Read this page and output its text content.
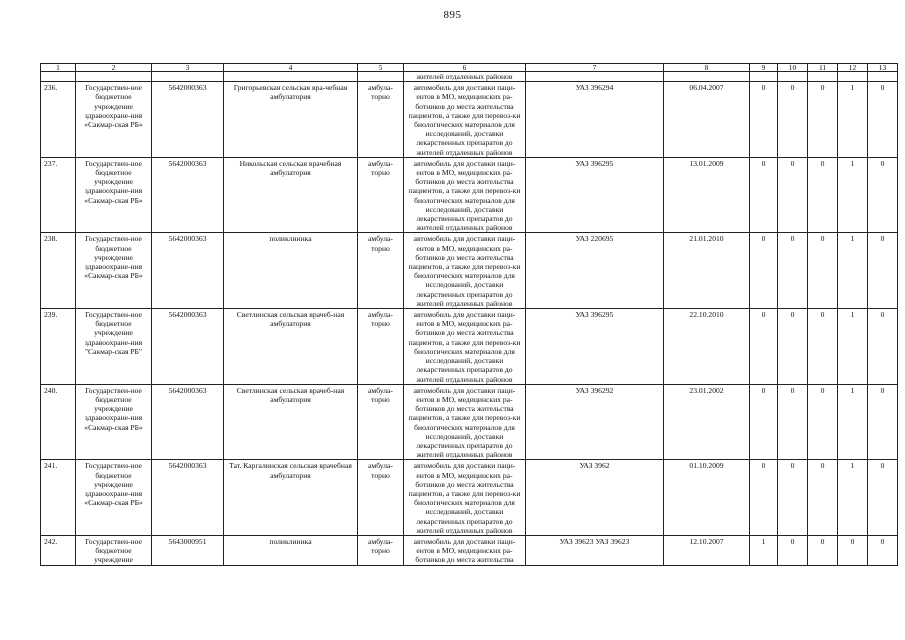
895
1	2	3	4	5	6	7	8	9	10	11	12	13
					жителей отдаленных районов							
236.	Государствен-ное бюджетное учреждение здравоохране-ния «Сакмар-ская РБ»	5642000363	Григорьевская сельская вра-чебная амбулатория	амбула-торно	автомобиль для доставки паци-ентов в МО, медицинских ра-ботников до места жительства пациентов, а также для перевоз-ки биологических материалов для исследований, доставки лекарственных препаратов до жителей отдаленных районов	УАЗ 396294	06.04.2007	0	0	0	1	0
237.	Государствен-ное бюджетное учреждение здравоохране-ния «Сакмар-ская РБ»	5642000363	Никольская сельская врачебная амбулатория	амбула-торно	автомобиль для доставки паци-ентов в МО, медицинских ра-ботников до места жительства пациентов, а также для перевоз-ки биологических материалов для исследований, доставки лекарственных препаратов до жителей отдаленных районов	УАЗ 396295	13.01.2009	0	0	0	1	0
238.	Государствен-ное бюджетное учреждение здравоохране-ния «Сакмар-ская РБ»	5642000363	поликлиника	амбула-торно	автомобиль для доставки паци-ентов в МО, медицинских ра-ботников до места жительства пациентов, а также для перевоз-ки биологических материалов для исследований, доставки лекарственных препаратов до жителей отдаленных районов	УАЗ 220695	21.01.2010	0	0	0	1	0
239.	Государствен-ное бюджетное учреждение здравоохране-ния "Сакмар-ская РБ"	5642000363	Светлинская сельская врачеб-ная амбулатория	амбула-торно	автомобиль для доставки паци-ентов в МО, медицинских ра-ботников до места жительства пациентов, а также для перевоз-ки биологических материалов для исследований, доставки лекарственных препаратов до жителей отдаленных районов	УАЗ 396295	22.10.2010	0	0	0	1	0
240.	Государствен-ное бюджетное учреждение здравоохране-ния «Сакмар-ская РБ»	5642000363	Светлинская сельская врачеб-ная амбулатория	амбула-торно	автомобиль для доставки паци-ентов в МО, медицинских ра-ботников до места жительства пациентов, а также для перевоз-ки биологических материалов для исследований, доставки лекарственных препаратов до жителей отдаленных районов	УАЗ 396292	23.01.2002	0	0	0	1	0
241.	Государствен-ное бюджетное учреждение здравоохране-ния «Сакмар-ская РБ»	5642000363	Тат. Каргалинская сельская врачебная амбулатория	амбула-торно	автомобиль для доставки паци-ентов в МО, медицинских ра-ботников до места жительства пациентов, а также для перевоз-ки биологических материалов для исследований, доставки лекарственных препаратов до жителей отдаленных районов	УАЗ 3962	01.10.2009	0	0	0	1	0
242.	Государствен-ное бюджетное учреждение	5643000951	поликлиника	амбула-торно	автомобиль для доставки паци-ентов в МО, медицинских ра-ботников до места жительства	УАЗ 39623 УАЗ 39623	12.10.2007	1	0	0	0	0
